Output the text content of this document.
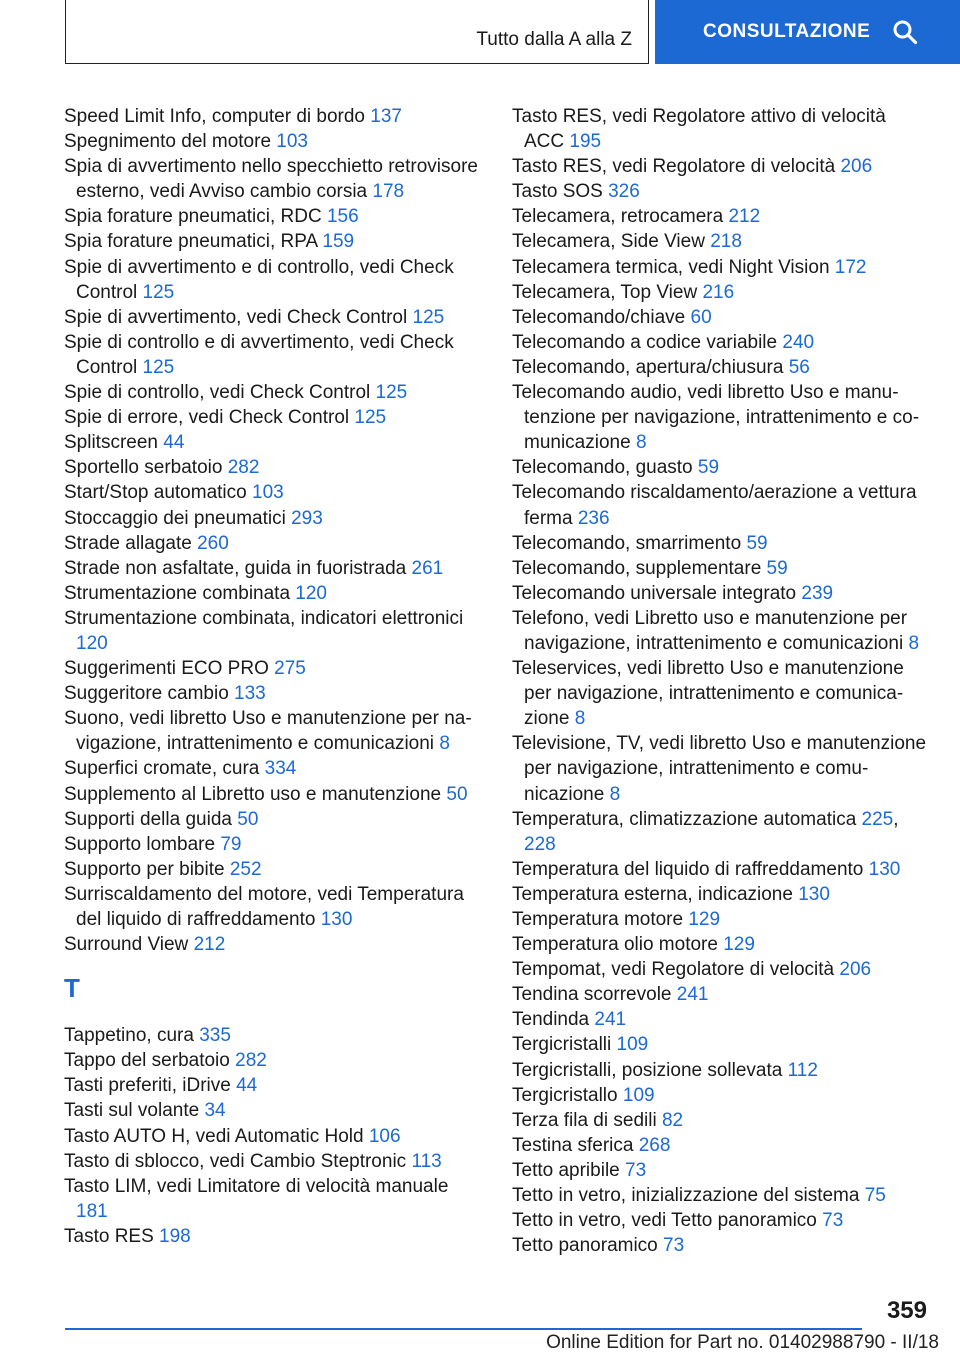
Tutto dalla A alla Z	CONSULTAZIONE
Speed Limit Info, computer di bordo 137
Spegnimento del motore 103
Spia di avvertimento nello specchietto retrovisore esterno, vedi Avviso cambio corsia 178
Spia forature pneumatici, RDC 156
Spia forature pneumatici, RPA 159
Spie di avvertimento e di controllo, vedi Check Control 125
Spie di avvertimento, vedi Check Control 125
Spie di controllo e di avvertimento, vedi Check Control 125
Spie di controllo, vedi Check Control 125
Spie di errore, vedi Check Control 125
Splitscreen 44
Sportello serbatoio 282
Start/Stop automatico 103
Stoccaggio dei pneumatici 293
Strade allagate 260
Strade non asfaltate, guida in fuoristrada 261
Strumentazione combinata 120
Strumentazione combinata, indicatori elettronici 120
Suggerimenti ECO PRO 275
Suggeritore cambio 133
Suono, vedi libretto Uso e manutenzione per navigazione, intrattenimento e comunicazioni 8
Superfici cromate, cura 334
Supplemento al Libretto uso e manutenzione 50
Supporti della guida 50
Supporto lombare 79
Supporto per bibite 252
Surriscaldamento del motore, vedi Temperatura del liquido di raffreddamento 130
Surround View 212
T
Tappetino, cura 335
Tappo del serbatoio 282
Tasti preferiti, iDrive 44
Tasti sul volante 34
Tasto AUTO H, vedi Automatic Hold 106
Tasto di sblocco, vedi Cambio Steptronic 113
Tasto LIM, vedi Limitatore di velocità manuale 181
Tasto RES 198
Tasto RES, vedi Regolatore attivo di velocità ACC 195
Tasto RES, vedi Regolatore di velocità 206
Tasto SOS 326
Telecamera, retrocamera 212
Telecamera, Side View 218
Telecamera termica, vedi Night Vision 172
Telecamera, Top View 216
Telecomando/chiave 60
Telecomando a codice variabile 240
Telecomando, apertura/chiusura 56
Telecomando audio, vedi libretto Uso e manutenzione per navigazione, intrattenimento e comunicazione 8
Telecomando, guasto 59
Telecomando riscaldamento/aerazione a vettura ferma 236
Telecomando, smarrimento 59
Telecomando, supplementare 59
Telecomando universale integrato 239
Telefono, vedi Libretto uso e manutenzione per navigazione, intrattenimento e comunicazioni 8
Teleservices, vedi libretto Uso e manutenzione per navigazione, intrattenimento e comunicazione 8
Televisione, TV, vedi libretto Uso e manutenzione per navigazione, intrattenimento e comunicazione 8
Temperatura, climatizzazione automatica 225, 228
Temperatura del liquido di raffreddamento 130
Temperatura esterna, indicazione 130
Temperatura motore 129
Temperatura olio motore 129
Tempomat, vedi Regolatore di velocità 206
Tendina scorrevole 241
Tendinda 241
Tergicristalli 109
Tergicristalli, posizione sollevata 112
Tergicristallo 109
Terza fila di sedili 82
Testina sferica 268
Tetto apribile 73
Tetto in vetro, inizializzazione del sistema 75
Tetto in vetro, vedi Tetto panoramico 73
Tetto panoramico 73
359
Online Edition for Part no. 01402988790 - II/18
